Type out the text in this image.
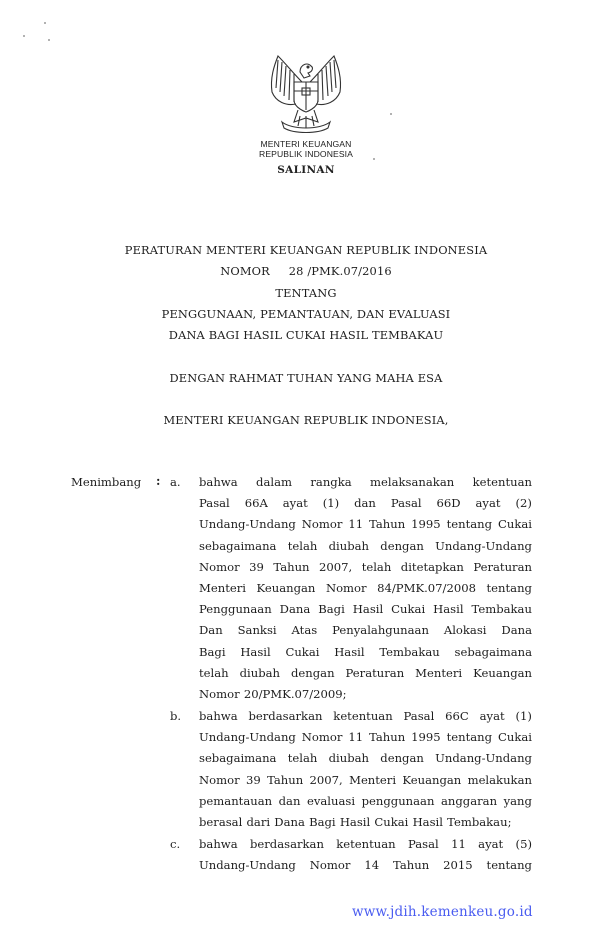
MENTERI KEUANGAN
REPUBLIK INDONESIA
SALINAN
PERATURAN MENTERI KEUANGAN REPUBLIK INDONESIA
NOMOR     28 /PMK.07/2016
TENTANG
PENGGUNAAN, PEMANTAUAN, DAN EVALUASI
DANA BAGI HASIL CUKAI HASIL TEMBAKAU
DENGAN RAHMAT TUHAN YANG MAHA ESA
MENTERI KEUANGAN REPUBLIK INDONESIA,
Menimbang : a. bahwa dalam rangka melaksanakan ketentuan
Pasal 66A ayat (1) dan Pasal 66D ayat (2)
Undang-Undang Nomor 11 Tahun 1995 tentang Cukai
sebagaimana telah diubah dengan Undang-Undang
Nomor 39 Tahun 2007, telah ditetapkan Peraturan
Menteri Keuangan Nomor 84/PMK.07/2008 tentang
Penggunaan Dana Bagi Hasil Cukai Hasil Tembakau
Dan Sanksi Atas Penyalahgunaan Alokasi Dana
Bagi Hasil Cukai Hasil Tembakau sebagaimana
telah diubah dengan Peraturan Menteri Keuangan
Nomor 20/PMK.07/2009;
b. bahwa berdasarkan ketentuan Pasal 66C ayat (1)
Undang-Undang Nomor 11 Tahun 1995 tentang Cukai
sebagaimana telah diubah dengan Undang-Undang
Nomor 39 Tahun 2007, Menteri Keuangan melakukan
pemantauan dan evaluasi penggunaan anggaran yang
berasal dari Dana Bagi Hasil Cukai Hasil Tembakau;
c. bahwa berdasarkan ketentuan Pasal 11 ayat (5)
Undang-Undang Nomor 14 Tahun 2015 tentang
www.jdih.kemenkeu.go.id
